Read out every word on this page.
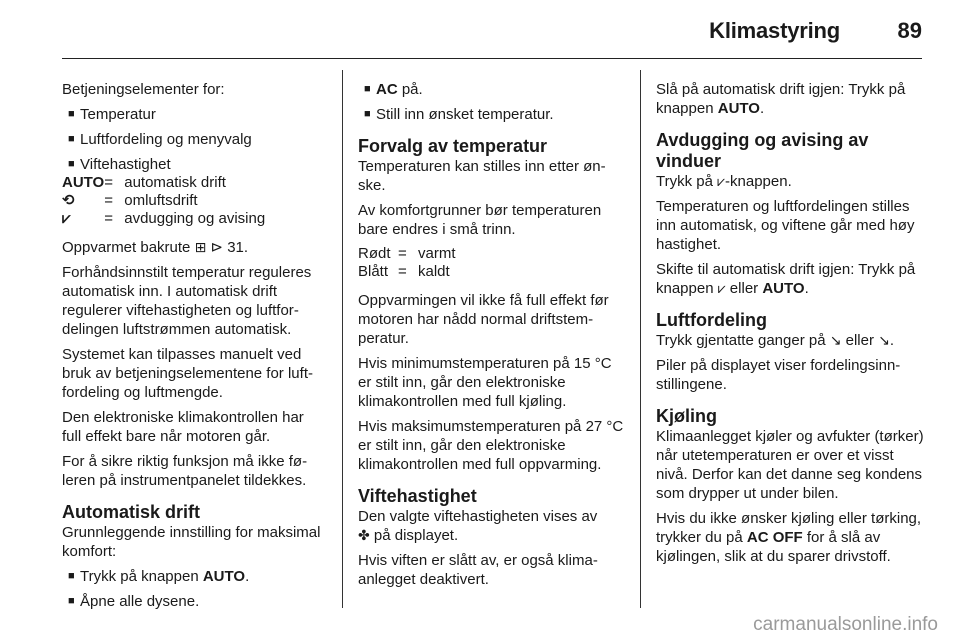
Klimastyring	89

Betjeningselementer for:

■ Temperatur
■ Luftfordeling og menyvalg
■ Viftehastighet
AUTO	=	automatisk drift
⟲	=	omluftsdrift
⩗	=	avdugging og avising

Oppvarmet bakrute ⊞ ⊳ 31.

Forhåndsinnstilt temperatur reguleres automatisk inn. I automatisk drift regulerer viftehastigheten og luftfordelingen luftstrømmen automatisk.

Systemet kan tilpasses manuelt ved bruk av betjeningselementene for luftfordeling og luftmengde.

Den elektroniske klimakontrollen har full effekt bare når motoren går.

For å sikre riktig funksjon må ikke føleren på instrumentpanelet tildekkes.

Automatisk drift

Grunnleggende innstilling for maksimal komfort:

■ Trykk på knappen AUTO.
■ Åpne alle dysene.
■ AC på.
■ Still inn ønsket temperatur.
Forvalg av temperatur

Temperaturen kan stilles inn etter ønske.

Av komfortgrunner bør temperaturen bare endres i små trinn.

Rødt	=	varmt
Blått	=	kaldt

Oppvarmingen vil ikke få full effekt før motoren har nådd normal driftstemperatur.

Hvis minimumstemperaturen på 15 °C er stilt inn, går den elektroniske klimakontrollen med full kjøling.

Hvis maksimumstemperaturen på 27 °C er stilt inn, går den elektroniske klimakontrollen med full oppvarming.

Viftehastighet

Den valgte viftehastigheten vises av
✤ på displayet.

Hvis viften er slått av, er også klimaanlegget deaktivert.

Slå på automatisk drift igjen: Trykk på knappen AUTO.

Avdugging og avising av vinduer

Trykk på ⩗-knappen.

Temperaturen og luftfordelingen stilles inn automatisk, og viftene går med høy hastighet.

Skifte til automatisk drift igjen: Trykk på knappen ⩗ eller AUTO.

Luftfordeling

Trykk gjentatte ganger på ↘ eller ↘.

Piler på displayet viser fordelingsinnstillingene.

Kjøling

Klimaanlegget kjøler og avfukter (tørker) når utetemperaturen er over et visst nivå. Derfor kan det danne seg kondens som drypper ut under bilen.

Hvis du ikke ønsker kjøling eller tørking, trykker du på AC OFF for å slå av kjølingen, slik at du sparer drivstoff.

carmanualsonline.info
